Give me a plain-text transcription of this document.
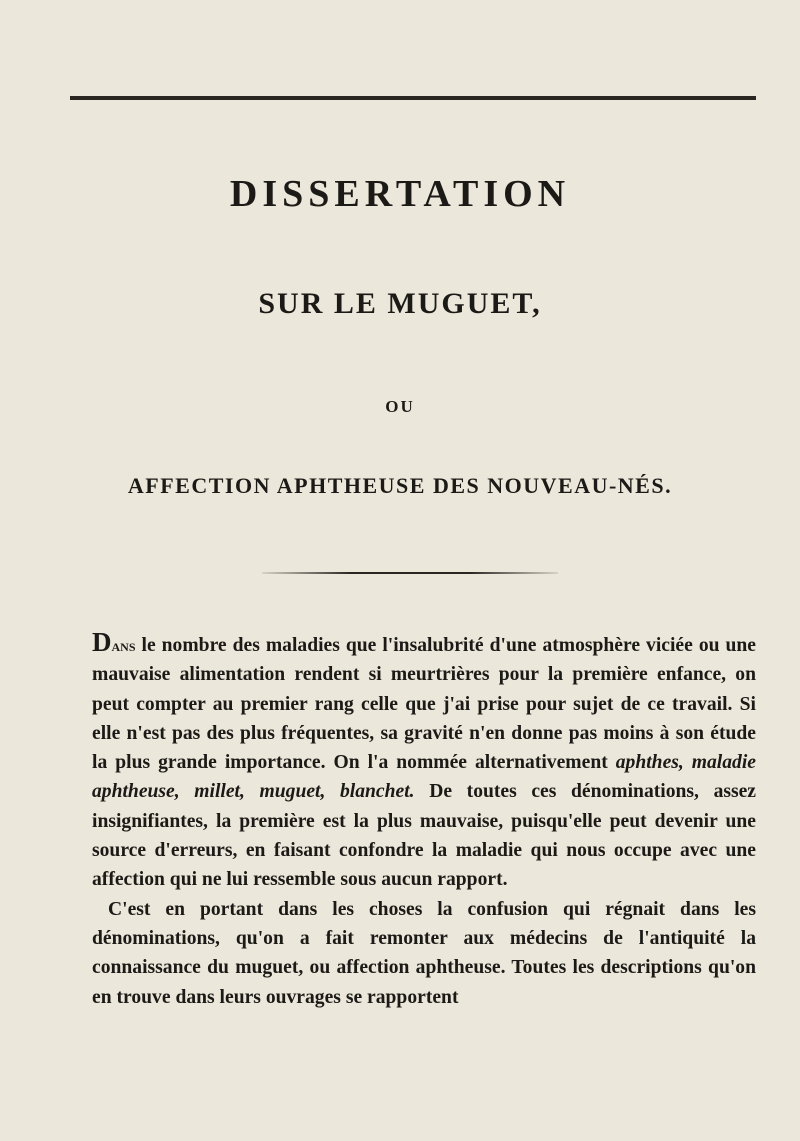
DISSERTATION
SUR LE MUGUET,
OU
AFFECTION APHTHEUSE DES NOUVEAU-NÉS.

Dans le nombre des maladies que l'insalubrité d'une atmosphère viciée ou une mauvaise alimentation rendent si meurtrières pour la première enfance, on peut compter au premier rang celle que j'ai prise pour sujet de ce travail. Si elle n'est pas des plus fréquentes, sa gravité n'en donne pas moins à son étude la plus grande importance. On l'a nommée alternativement aphthes, maladie aphtheuse, millet, muguet, blanchet. De toutes ces dénominations, assez insignifiantes, la première est la plus mauvaise, puisqu'elle peut devenir une source d'erreurs, en faisant confondre la maladie qui nous occupe avec une affection qui ne lui ressemble sous aucun rapport.

C'est en portant dans les choses la confusion qui régnait dans les dénominations, qu'on a fait remonter aux médecins de l'antiquité la connaissance du muguet, ou affection aphtheuse. Toutes les descriptions qu'on en trouve dans leurs ouvrages se rapportent
